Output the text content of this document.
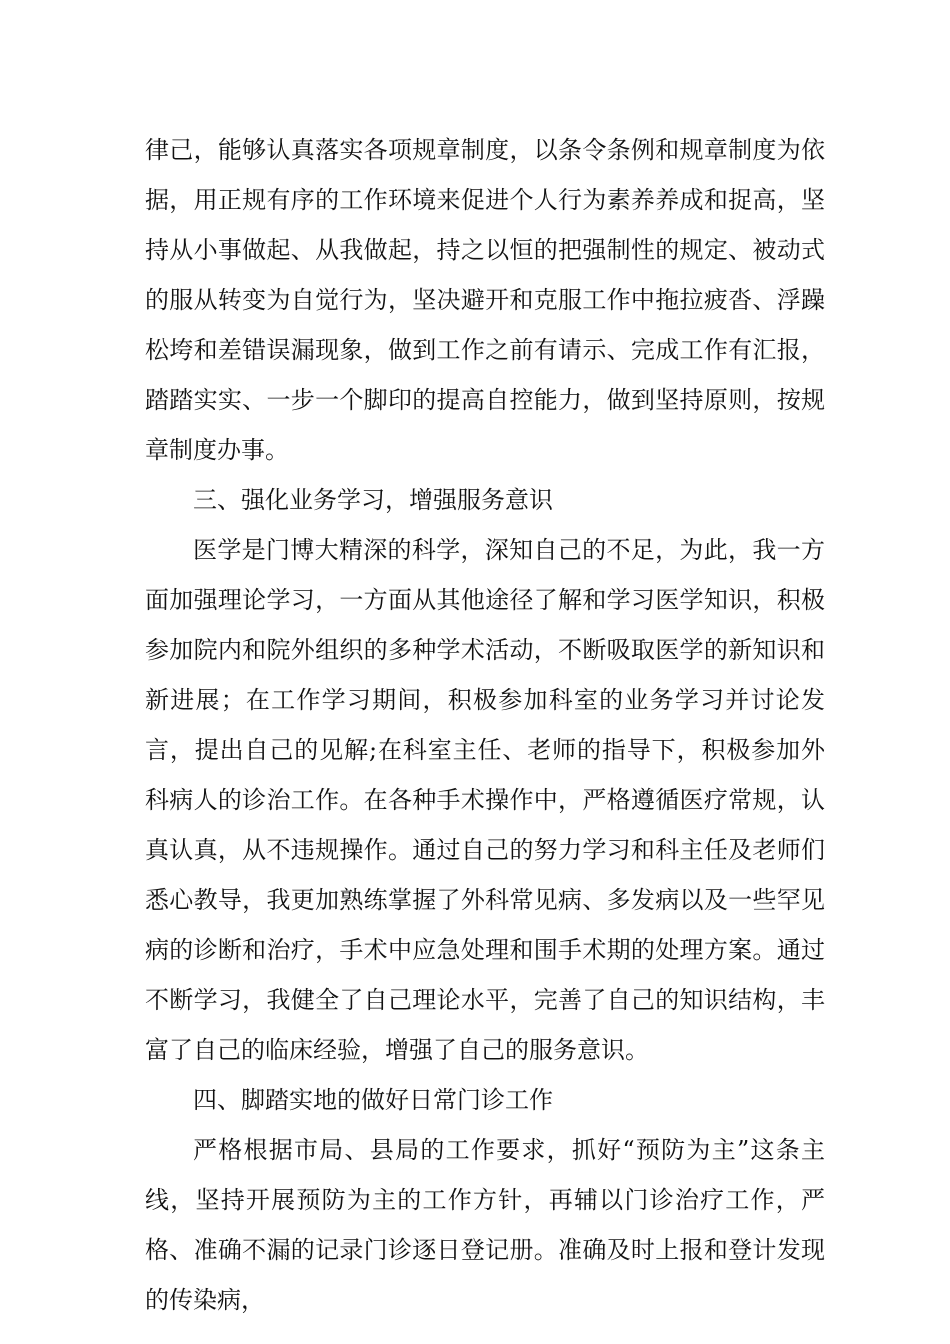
律己，能够认真落实各项规章制度，以条令条例和规章制度为依据，用正规有序的工作环境来促进个人行为素养养成和捉高，坚持从小事做起、从我做起，持之以恒的把强制性的规定、被动式的服从转变为自觉行为，坚决避开和克服工作中拖拉疲沓、浮躁松垮和差错误漏现象，做到工作之前有请示、完成工作有汇报，踏踏实实、一步一个脚印的提高自控能力，做到坚持原则，按规章制度办事。

三、强化业务学习，增强服务意识

医学是门博大精深的科学，深知自己的不足，为此，我一方面加强理论学习，一方面从其他途径了解和学习医学知识，积极参加院内和院外组织的多种学术活动，不断吸取医学的新知识和新进展；在工作学习期间，积极参加科室的业务学习并讨论发言，提出自己的见解;在科室主任、老师的指导下，积极参加外科病人的诊治工作。在各种手术操作中，严格遵循医疗常规，认真认真，从不违规操作。通过自己的努力学习和科主任及老师们悉心教导，我更加熟练掌握了外科常见病、多发病以及一些罕见病的诊断和治疗，手术中应急处理和围手术期的处理方案。通过不断学习，我健全了自己理论水平，完善了自己的知识结构，丰富了自己的临床经验，增强了自己的服务意识。

四、脚踏实地的做好日常门诊工作

严格根据市局、县局的工作要求，抓好“预防为主”这条主线，坚持开展预防为主的工作方针，再辅以门诊治疗工作，严格、准确不漏的记录门诊逐日登记册。准确及时上报和登计发现的传染病，
